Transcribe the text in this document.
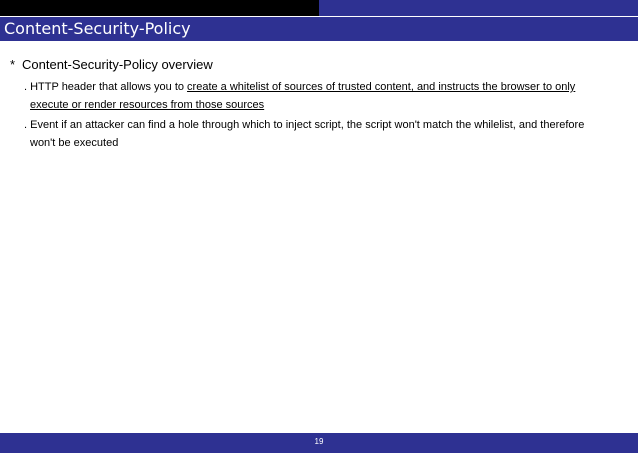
Content-Security-Policy
* Content-Security-Policy overview
. HTTP header that allows you to create a whitelist of sources of trusted content, and instructs the browser to only
execute or render resources from those sources
. Event if an attacker can find a hole through which to inject script, the script won't match the whilelist, and therefore
won't be executed
19
